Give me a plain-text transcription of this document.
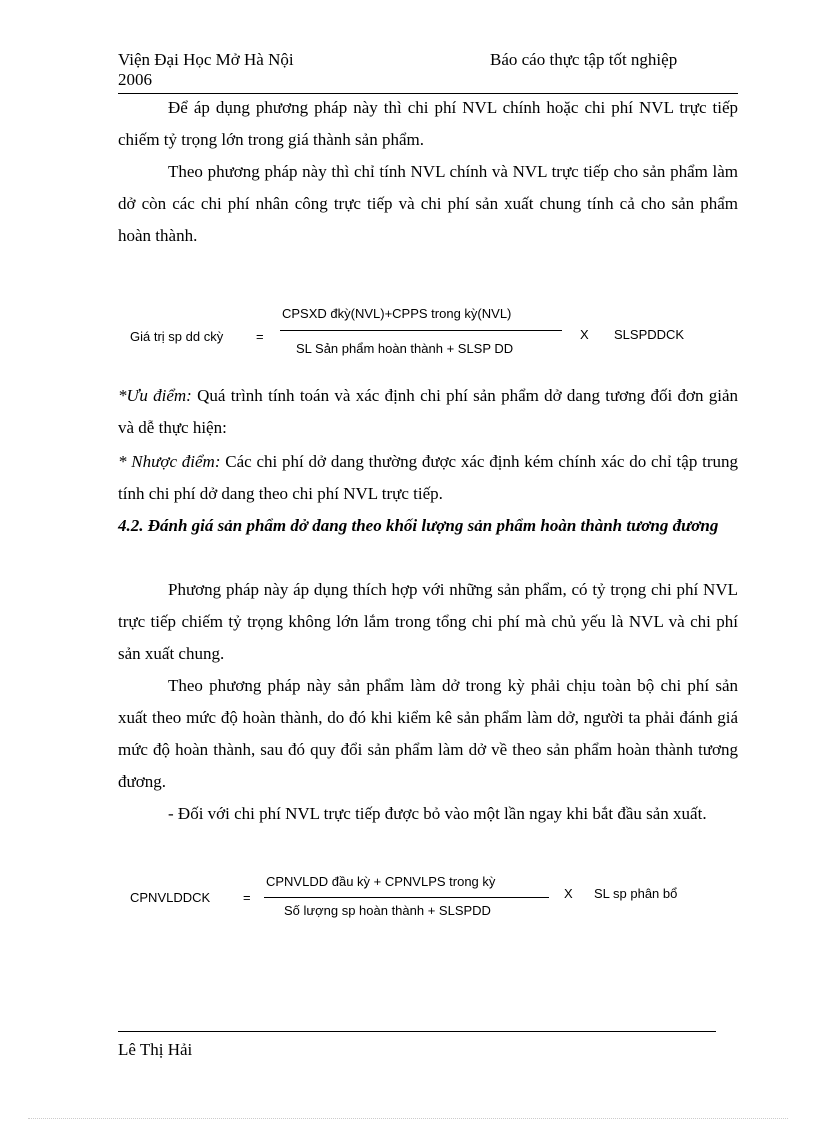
Viện Đại Học Mở Hà Nội
2006
Báo cáo thực tập tốt nghiệp
Để áp dụng phương pháp này thì chi phí NVL chính hoặc chi phí NVL trực tiếp chiếm tỷ trọng lớn trong giá thành sản phẩm.
Theo phương pháp này thì chỉ tính NVL chính và NVL trực tiếp cho sản phẩm làm dở còn các chi phí nhân công trực tiếp và chi phí sản xuất chung tính cả cho sản phẩm hoàn thành.
Giá trị sp dd ckỳ	=
CPSXD đkỳ(NVL)+CPPS trong kỳ(NVL)
SL Sản phẩm hoàn thành + SLSP DD
X SLSPDDCK
*Ưu điểm: Quá trình tính toán và xác định chi phí sản phẩm dở dang tương đối đơn giản và dễ thực hiện:
* Nhược điểm: Các chi phí dở dang thường được xác định kém chính xác do chỉ tập trung tính chi phí dở dang theo chi phí NVL trực tiếp.
4.2. Đánh giá sản phẩm dở dang theo khối lượng sản phẩm hoàn thành tương đương
Phương pháp này áp dụng thích hợp với những sản phẩm, có tỷ trọng chi phí NVL trực tiếp chiếm tỷ trọng không lớn lắm trong tổng chi phí mà chủ yếu là NVL và chi phí sản xuất chung.
Theo phương pháp này sản phẩm làm dở trong kỳ phải chịu toàn bộ chi phí sản xuất theo mức độ hoàn thành, do đó khi kiểm kê sản phẩm làm dở, người ta phải đánh giá mức độ hoàn thành, sau đó quy đổi sản phẩm làm dở về theo sản phẩm hoàn thành tương đương.
- Đối với chi phí NVL trực tiếp được bỏ vào một lần ngay khi bắt đầu sản xuất.
CPNVLDDCK	=
CPNVLDD đầu kỳ + CPNVLPS trong kỳ
Số lượng sp hoàn thành + SLSPDD
X SL sp phân bổ
Lê Thị Hải
